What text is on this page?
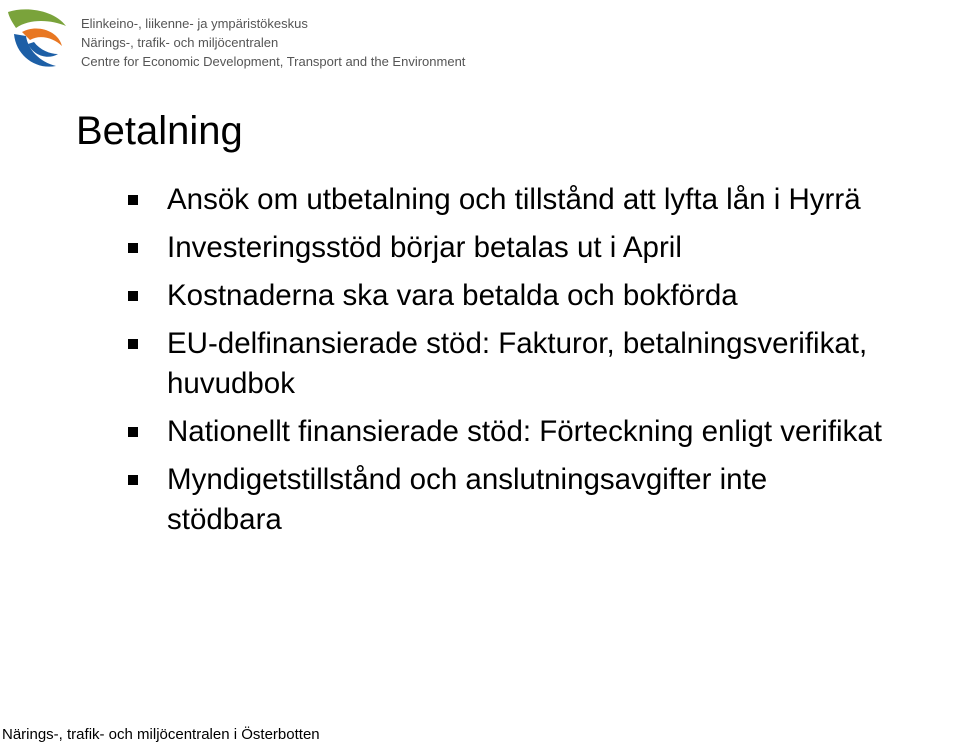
Elinkeino-, liikenne- ja ympäristökeskus
Närings-, trafik- och miljöcentralen
Centre for Economic Development, Transport and the Environment
Betalning
Ansök om utbetalning och tillstånd att lyfta lån i Hyrrä
Investeringsstöd börjar betalas ut i April
Kostnaderna ska vara betalda och bokförda
EU-delfinansierade stöd: Fakturor, betalningsverifikat,
huvudbok
Nationellt finansierade stöd: Förteckning enligt verifikat
Myndigetstillstånd och anslutningsavgifter inte
stödbara
Närings-, trafik- och miljöcentralen i Österbotten
